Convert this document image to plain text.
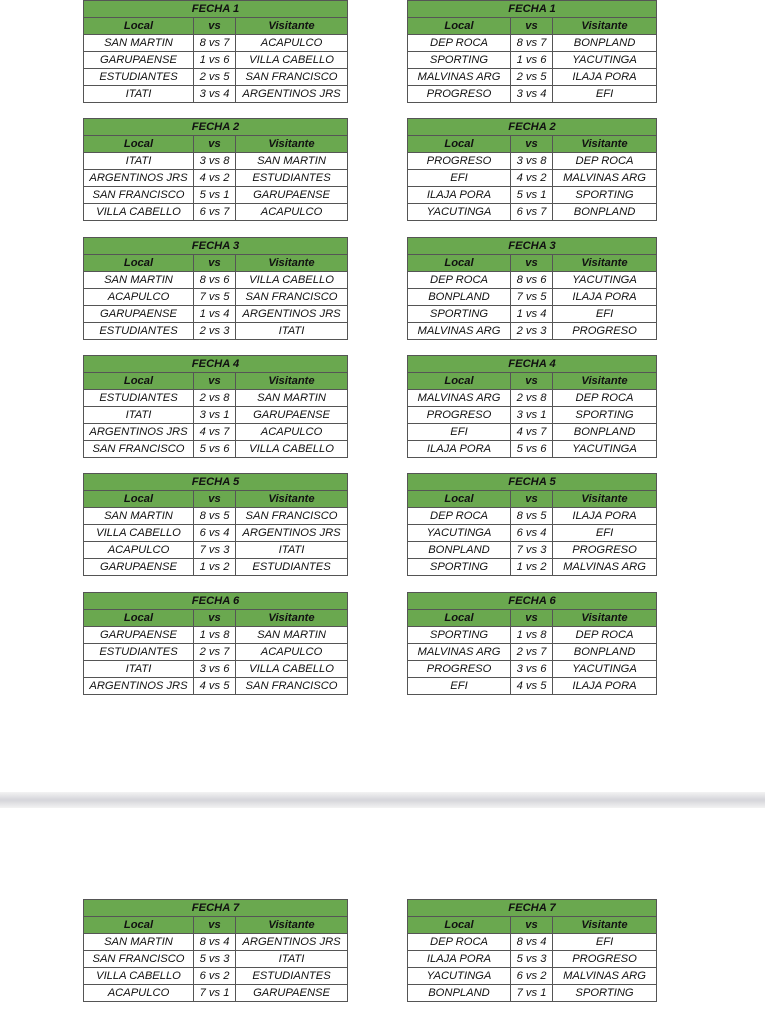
FECHA 1		
Local	vs	Visitante
SAN MARTIN	8 vs 7	ACAPULCO
GARUPAENSE	1 vs 6	VILLA CABELLO
ESTUDIANTES	2 vs 5	SAN FRANCISCO
ITATI	3 vs 4	ARGENTINOS JRS
FECHA 2		
Local	vs	Visitante
ITATI	3 vs 8	SAN MARTIN
ARGENTINOS JRS	4 vs 2	ESTUDIANTES
SAN FRANCISCO	5 vs 1	GARUPAENSE
VILLA CABELLO	6 vs 7	ACAPULCO
FECHA 3		
Local	vs	Visitante
SAN MARTIN	8 vs 6	VILLA CABELLO
ACAPULCO	7 vs 5	SAN FRANCISCO
GARUPAENSE	1 vs 4	ARGENTINOS JRS
ESTUDIANTES	2 vs 3	ITATI
FECHA 4		
Local	vs	Visitante
ESTUDIANTES	2 vs 8	SAN MARTIN
ITATI	3 vs 1	GARUPAENSE
ARGENTINOS JRS	4 vs 7	ACAPULCO
SAN FRANCISCO	5 vs 6	VILLA CABELLO
FECHA 5		
Local	vs	Visitante
SAN MARTIN	8 vs 5	SAN FRANCISCO
VILLA CABELLO	6 vs 4	ARGENTINOS JRS
ACAPULCO	7 vs 3	ITATI
GARUPAENSE	1 vs 2	ESTUDIANTES
FECHA 6		
Local	vs	Visitante
GARUPAENSE	1 vs 8	SAN MARTIN
ESTUDIANTES	2 vs 7	ACAPULCO
ITATI	3 vs 6	VILLA CABELLO
ARGENTINOS JRS	4 vs 5	SAN FRANCISCO
FECHA 1		
Local	vs	Visitante
DEP ROCA	8 vs 7	BONPLAND
SPORTING	1 vs 6	YACUTINGA
MALVINAS ARG	2 vs 5	ILAJA PORA
PROGRESO	3 vs 4	EFI
FECHA 2		
Local	vs	Visitante
PROGRESO	3 vs 8	DEP ROCA
EFI	4 vs 2	MALVINAS ARG
ILAJA PORA	5 vs 1	SPORTING
YACUTINGA	6 vs 7	BONPLAND
FECHA 3		
Local	vs	Visitante
DEP ROCA	8 vs 6	YACUTINGA
BONPLAND	7 vs 5	ILAJA PORA
SPORTING	1 vs 4	EFI
MALVINAS ARG	2 vs 3	PROGRESO
FECHA 4		
Local	vs	Visitante
MALVINAS ARG	2 vs 8	DEP ROCA
PROGRESO	3 vs 1	SPORTING
EFI	4 vs 7	BONPLAND
ILAJA PORA	5 vs 6	YACUTINGA
FECHA 5		
Local	vs	Visitante
DEP ROCA	8 vs 5	ILAJA PORA
YACUTINGA	6 vs 4	EFI
BONPLAND	7 vs 3	PROGRESO
SPORTING	1 vs 2	MALVINAS ARG
FECHA 6		
Local	vs	Visitante
SPORTING	1 vs 8	DEP ROCA
MALVINAS ARG	2 vs 7	BONPLAND
PROGRESO	3 vs 6	YACUTINGA
EFI	4 vs 5	ILAJA PORA
FECHA 7		
Local	vs	Visitante
SAN MARTIN	8 vs 4	ARGENTINOS JRS
SAN FRANCISCO	5 vs 3	ITATI
VILLA CABELLO	6 vs 2	ESTUDIANTES
ACAPULCO	7 vs 1	GARUPAENSE
FECHA 7		
Local	vs	Visitante
DEP ROCA	8 vs 4	EFI
ILAJA PORA	5 vs 3	PROGRESO
YACUTINGA	6 vs 2	MALVINAS ARG
BONPLAND	7 vs 1	SPORTING
